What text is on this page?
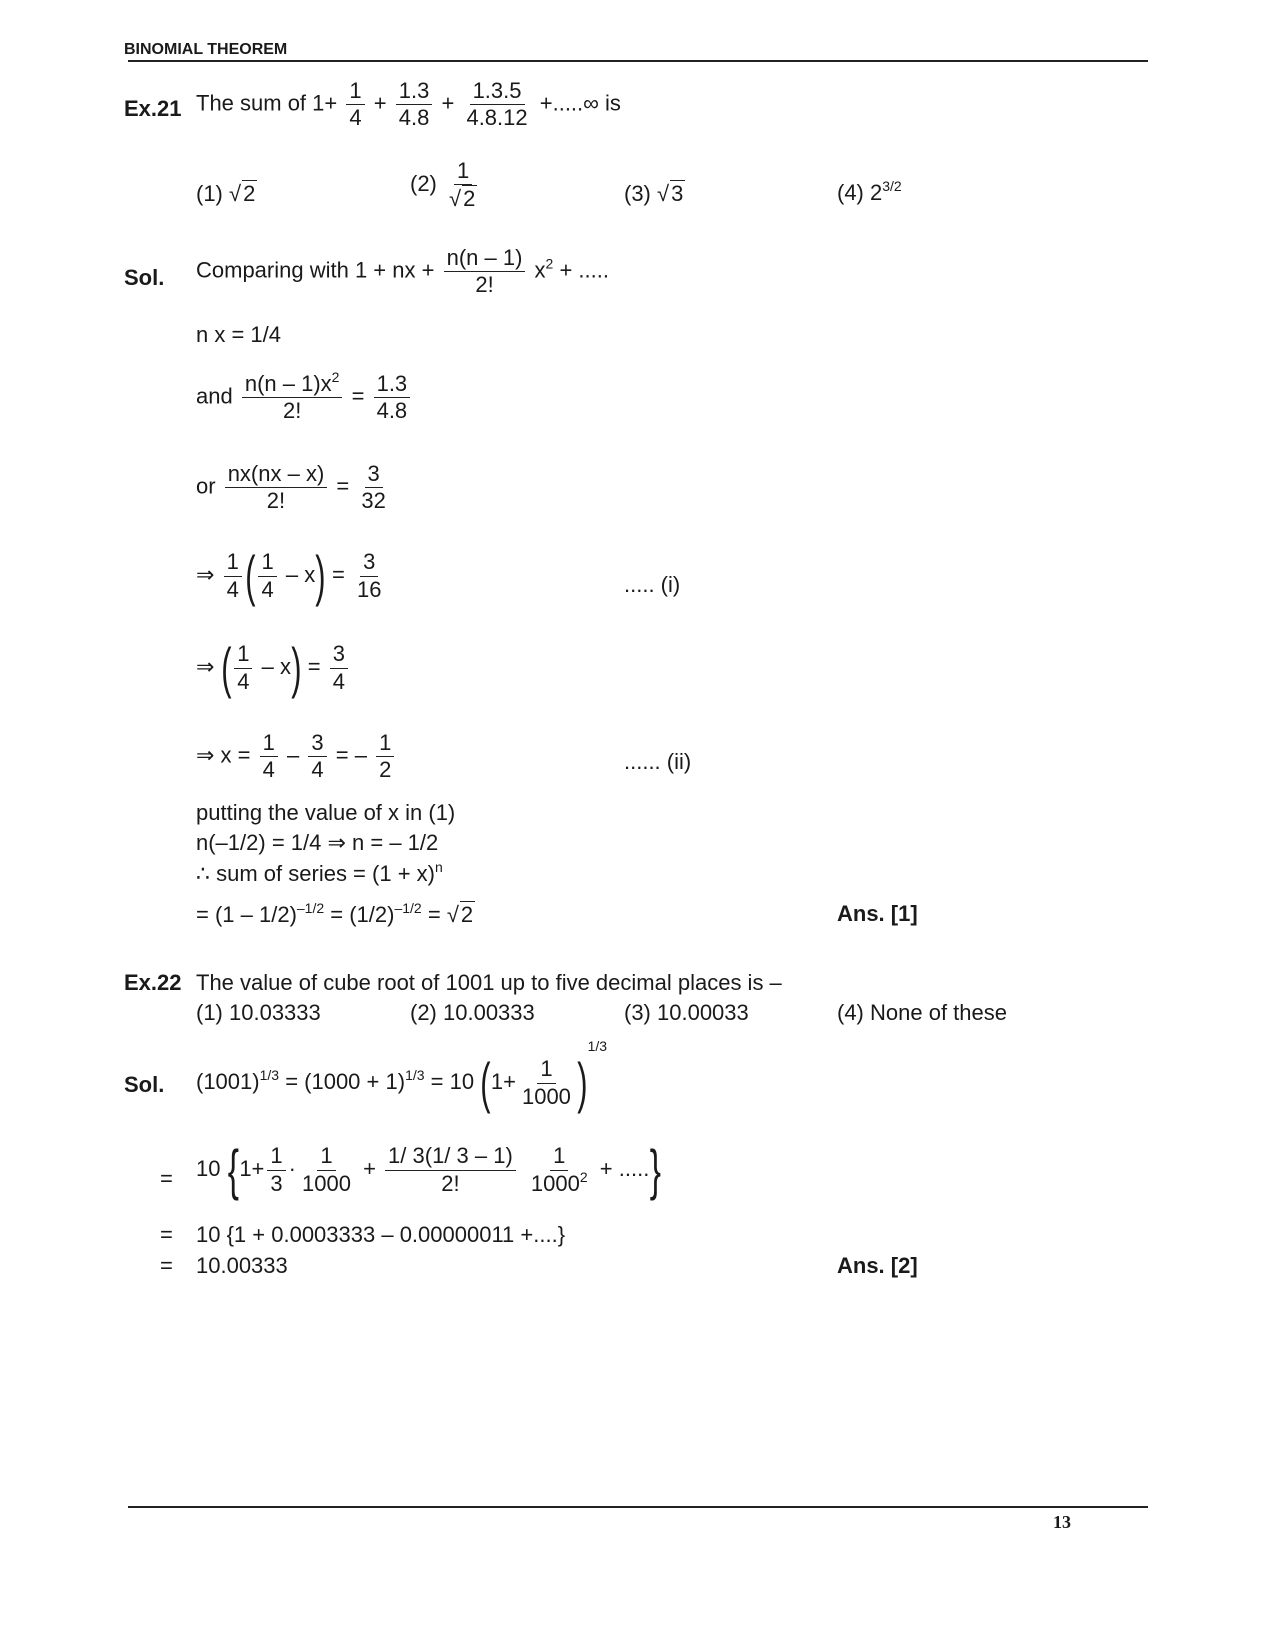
BINOMIAL THEOREM
Ex.21 The sum of $1+ \frac{1}{4} + \frac{1.3}{4.8} + \frac{1.3.5}{4.8.12}$ +.....∞ is
(1) √2	$(2) \frac{1}{√2}$	(3) √3	(4) $2^{3/2}$
Sol. Comparing with 1 + nx + $\frac{n(n - 1)}{2!} x^2$ + .....
n x = 1/4
and $\frac{n(n - 1)x^2}{2!} = \frac{1.3}{4.8}$
or $\frac{nx(nx - x)}{2!} = \frac{3}{32}$
⇒ $\frac{1}{4}$ ( $\frac{1}{4} - x) = \frac{3}{16}$	..... (i)
⇒ ( $\frac{1}{4} - x) = \frac{3}{4}$
⇒ $x = \frac{1}{4} - \frac{3}{4}$ = – $\frac{1}{2}$	...... (ii)
putting the value of x in (1)
n(–1/2) = 1/4 ⇒ n = – 1/2
∴ sum of series = $(1 + x)^n$
= $(1 - 1/2)^{-1/2} = (1/2)^{-1/2} = √2$	Ans. [1]
Ex.22 The value of cube root of 1001 up to five decimal places is –
(1) 10.03333	(2) 10.00333	(3) 10.00033	(4) None of these
Sol. $(1001)^{1/3} = (1000 + 1)^{1/3} = 10$ $(1+ \frac{1}{1000} )^{1/3}$
= 10 {$1+ \frac{1}{3} \cdot \frac{1}{1000} + \frac{1/ 3(1/ 3 - 1)}{2!}$
$\frac{1}{1000^2}$ + .....}
= 10 {1 + 0.0003333 – 0.00000011 +....}
= 10.00333	Ans. [2]
13
